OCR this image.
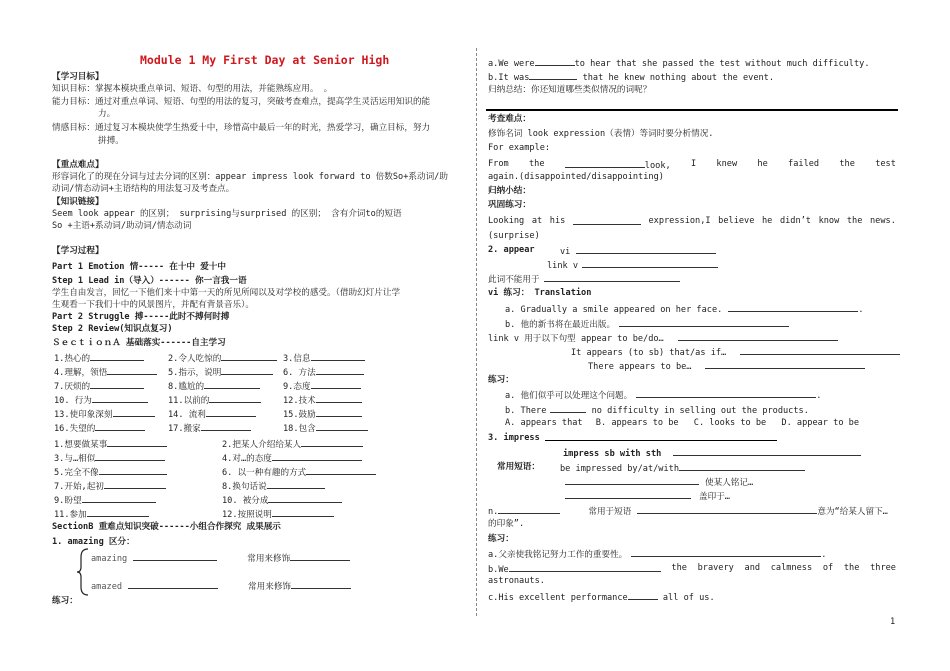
Module 1 My First Day at Senior High
【学习目标】
知识目标：掌握本模块重点单词、短语、句型的用法，并能熟练应用。 。
能力目标：通过对重点单词、短语、句型的用法的复习，突破考查难点，提高学生灵活运用知识的能
力。
情感目标：通过复习本模块使学生热爱十中，珍惜高中最后一年的时光，热爱学习，确立目标，努力
拼搏。
【重点难点】
形容词化了的现在分词与过去分词的区别：appear impress look forward to 倍数So+系动词/助
动词/情态动词+主语结构的用法复习及考查点。
【知识链接】
Seem look appear 的区别； surprising与surprised 的区别； 含有介词to的短语
So +主语+系动词/助动词/情态动词
【学习过程】
Part 1 Emotion 情----- 在十中 爱十中
Step 1 Lead in（导入）------ 你一言我一语
学生自由发言，回忆一下他们来十中第一天的所见所闻以及对学校的感受。（借助幻灯片让学
生观看一下我们十中的风景图片，并配有背景音乐）。
Part 2 Struggle 搏-----此时不搏何时搏
Step 2 Review(知识点复习)
ＳｅｃｔｉｏｎＡ 基础落实------自主学习
1.热心的	2.令人吃惊的	3.信息
4.理解，领悟	5.指示，说明	6. 方法
7.厌烦的	8.尴尬的	9.态度
10. 行为	11.以前的	12.技术
13.使印象深刻	14. 流利	15.鼓励
16.失望的	17.搬家	18.包含
1.想要做某事	2.把某人介绍给某人
3.与…相似	4.对…的态度
5.完全不像	6. 以一种有趣的方式
7.开始,起初	8.换句话说
9.盼望	10. 被分成
11.参加	12.按照说明
SectionB 重难点知识突破------小组合作探究 成果展示
1. amazing 区分：
amazing	常用来修饰
amazed	常用来修饰
练习：
a.We were	to hear that she passed the test without much difficulty.
b.It was	that he knew nothing about the event.
归纳总结：你还知道哪些类似情况的词呢？
考查难点：
修饰名词 look expression（表情）等词时要分析情况.
For example:
From the	look, I knew he failed the test
again.(disappointed/disappointing)
归纳小结：
巩固练习：
Looking at his	expression,I believe he didn’t know the news.
(surprise)
2. appear	vi
link v
此词不能用于
vi 练习： Translation
a. Gradually a smile appeared on her face.	.
b. 他的新书将在最近出版。
link v 用于以下句型 appear to be/do…
It appears (to sb) that/as if…
There appears to be…
练习：
a. 他们似乎可以处理这个问题。	.
b. There	no difficulty in selling out the products.
A. appears that B. appears to be C. looks to be D. appear to be
3. impress
impress sb with sth
常用短语： be impressed by/at/with
使某人铭记…
盖印于…
n.	常用于短语	意为“给某人留下…
的印象”.
练习：
a.父亲使我铭记努力工作的重要性。	.
b.We	the bravery and calmness of the three
astronauts.
c.His excellent performance	all of us.
1
